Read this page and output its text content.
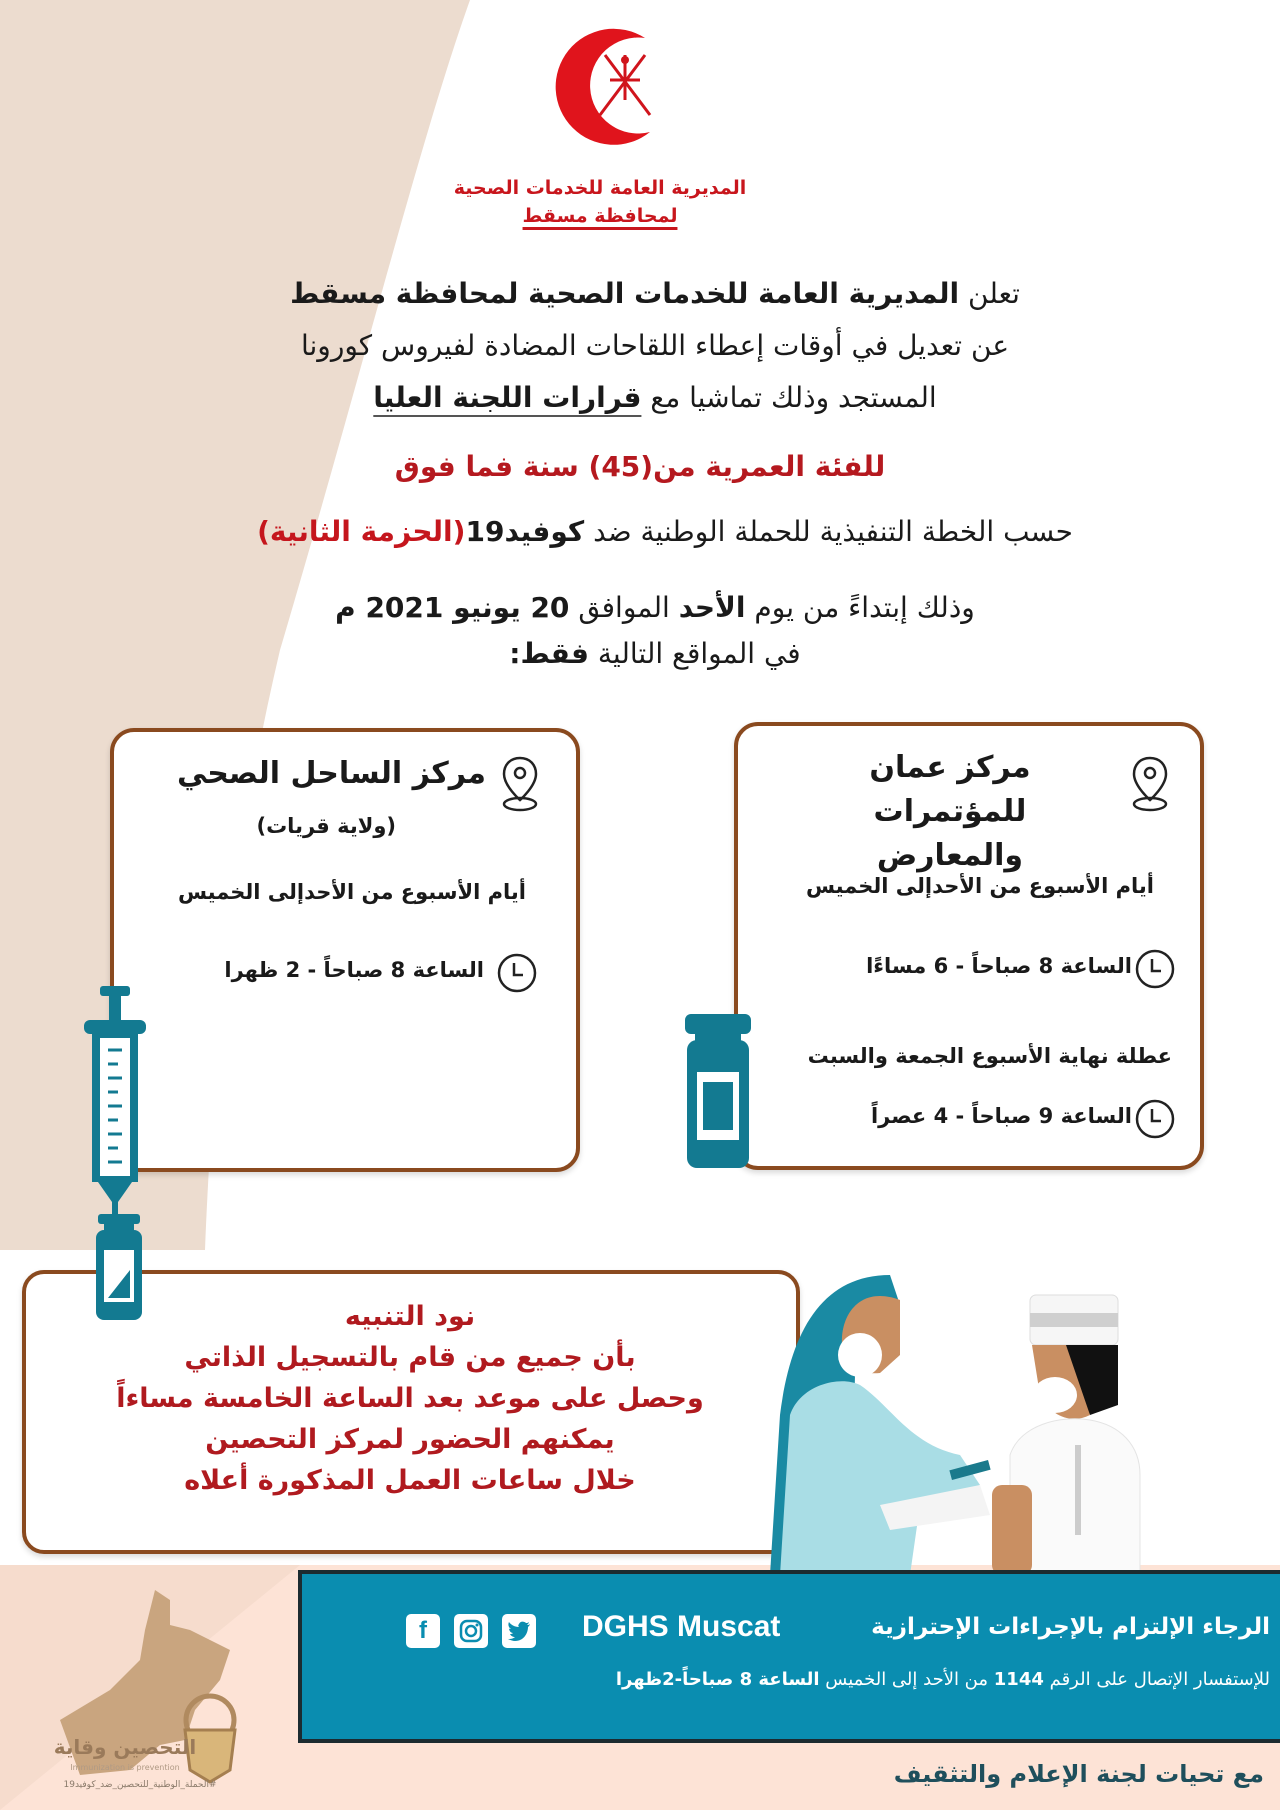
المديرية العامة للخدمات الصحية
لمحافظة مسقط
تعلن المديرية العامة للخدمات الصحية لمحافظة مسقط
عن تعديل في أوقات إعطاء اللقاحات المضادة لفيروس كورونا
المستجد وذلك تماشيا مع قرارات اللجنة العليا
للفئة العمرية من(45) سنة فما فوق
حسب الخطة التنفيذية للحملة الوطنية ضد كوفيد19(الحزمة الثانية)
وذلك إبتداءً من يوم الأحد الموافق 20 يونيو 2021 م
في المواقع التالية فقط:
مركز الساحل الصحي
(ولاية قريات)
أيام الأسبوع من الأحدإلى الخميس
الساعة 8 صباحاً - 2 ظهرا
مركز عمان للمؤتمرات
والمعارض
أيام الأسبوع من الأحدإلى الخميس
الساعة 8 صباحاً - 6 مساءًا
عطلة نهاية الأسبوع الجمعة والسبت
الساعة 9 صباحاً - 4 عصراً
نود التنبيه
بأن جميع من قام بالتسجيل الذاتي
وحصل على موعد بعد الساعة الخامسة مساءاً
يمكنهم الحضور لمركز التحصين
خلال ساعات العمل المذكورة أعلاه
التحصين وقاية
Immunization is prevention
#الحملة_الوطنية_للتحصين_ضد_كوفيد19
الرجاء الإلتزام بالإجراءات الإحترازية
DGHS Muscat
f
للإستفسار الإتصال على الرقم 1144 من الأحد إلى الخميس الساعة 8 صباحاً-2ظهرا
مع تحيات لجنة الإعلام والتثقيف
